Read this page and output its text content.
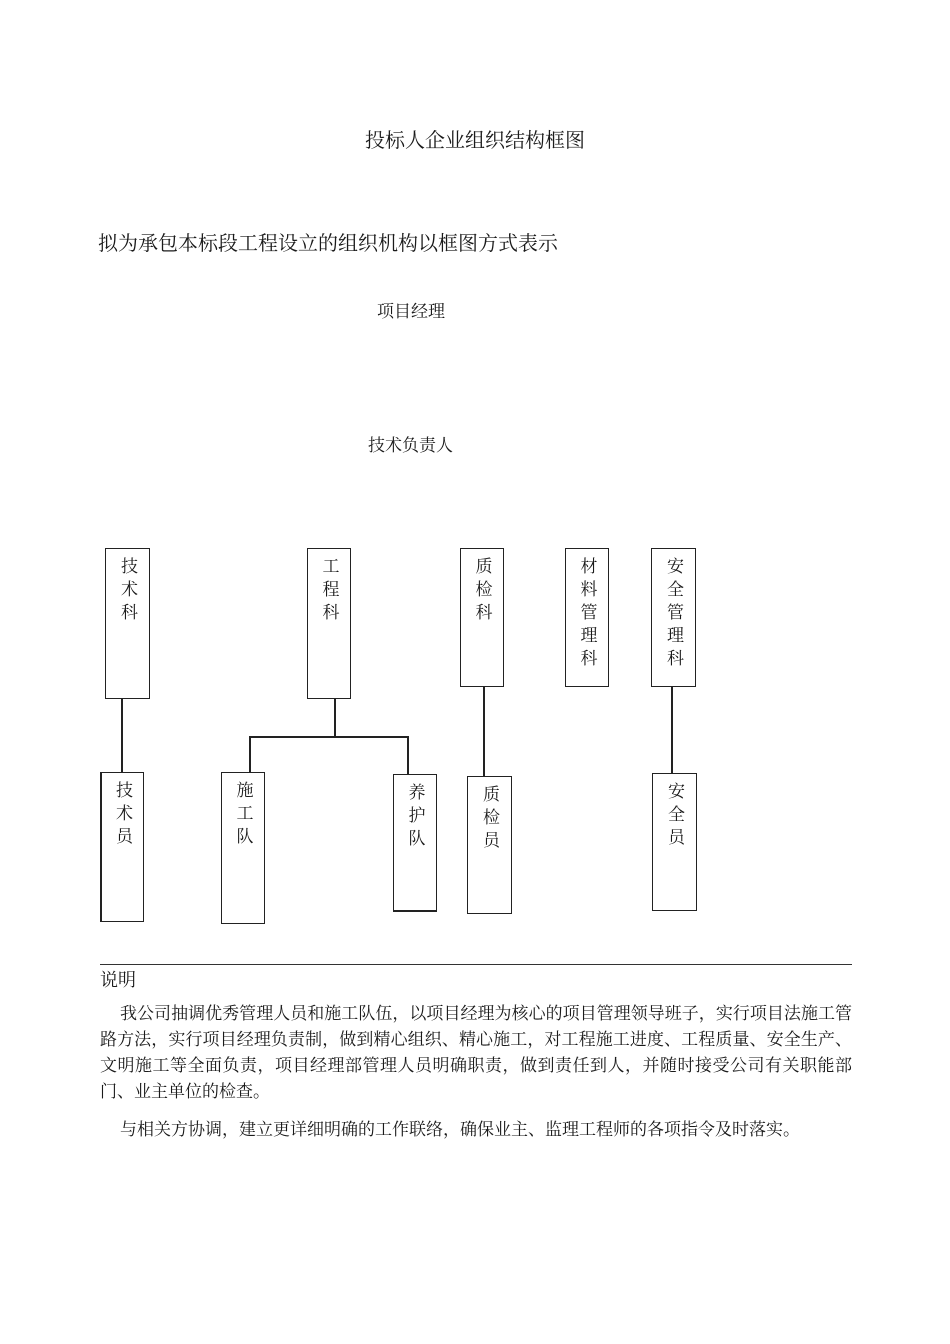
投标人企业组织结构框图
拟为承包本标段工程设立的组织机构以框图方式表示
项目经理
技术负责人
技术科	工程科	质检科	材料管理科	安全管理科
技术员	施工队	养护队	质检员	安全员
说明
我公司抽调优秀管理人员和施工队伍，以项目经理为核心的项目管理领导班子，实行项目法施工管路方法，实行项目经理负责制，做到精心组织、精心施工，对工程施工进度、工程质量、安全生产、文明施工等全面负责，项目经理部管理人员明确职责，做到责任到人，并随时接受公司有关职能部门、业主单位的检查。
与相关方协调，建立更详细明确的工作联络，确保业主、监理工程师的各项指令及时落实。
